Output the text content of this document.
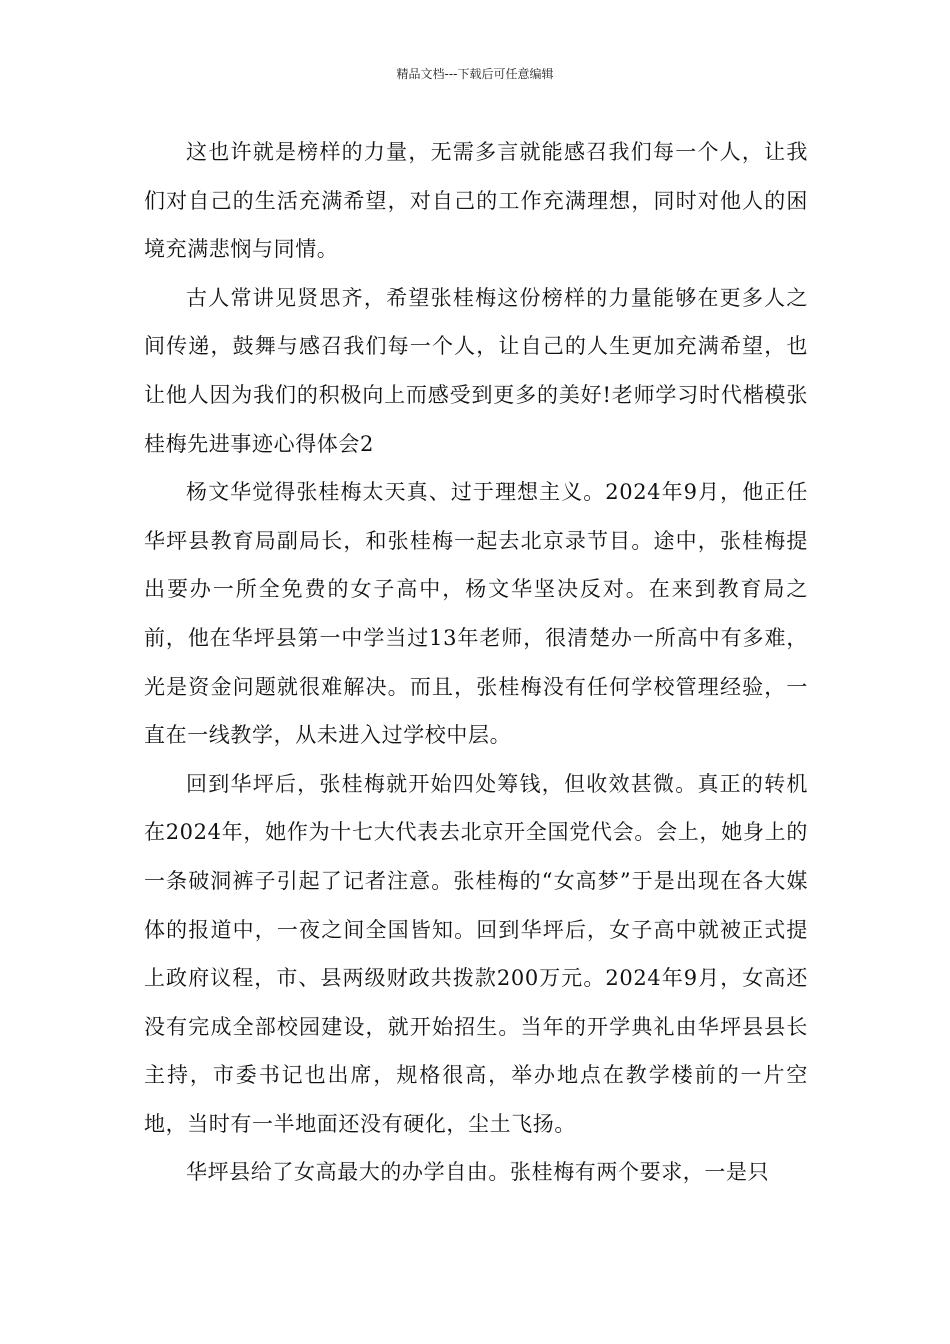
精品文档---下载后可任意编辑

这也许就是榜样的力量，无需多言就能感召我们每一个人，让我们对自己的生活充满希望，对自己的工作充满理想，同时对他人的困境充满悲悯与同情。

古人常讲见贤思齐，希望张桂梅这份榜样的力量能够在更多人之间传递，鼓舞与感召我们每一个人，让自己的人生更加充满希望，也让他人因为我们的积极向上而感受到更多的美好!老师学习时代楷模张桂梅先进事迹心得体会2

杨文华觉得张桂梅太天真、过于理想主义。2024年9月，他正任华坪县教育局副局长，和张桂梅一起去北京录节目。途中，张桂梅提出要办一所全免费的女子高中，杨文华坚决反对。在来到教育局之前，他在华坪县第一中学当过13年老师，很清楚办一所高中有多难，光是资金问题就很难解决。而且，张桂梅没有任何学校管理经验，一直在一线教学，从未进入过学校中层。

回到华坪后，张桂梅就开始四处筹钱，但收效甚微。真正的转机在2024年，她作为十七大代表去北京开全国党代会。会上，她身上的一条破洞裤子引起了记者注意。张桂梅的“女高梦”于是出现在各大媒体的报道中，一夜之间全国皆知。回到华坪后，女子高中就被正式提上政府议程，市、县两级财政共拨款200万元。2024年9月，女高还没有完成全部校园建设，就开始招生。当年的开学典礼由华坪县县长主持，市委书记也出席，规格很高，举办地点在教学楼前的一片空地，当时有一半地面还没有硬化，尘土飞扬。

华坪县给了女高最大的办学自由。张桂梅有两个要求，一是只
